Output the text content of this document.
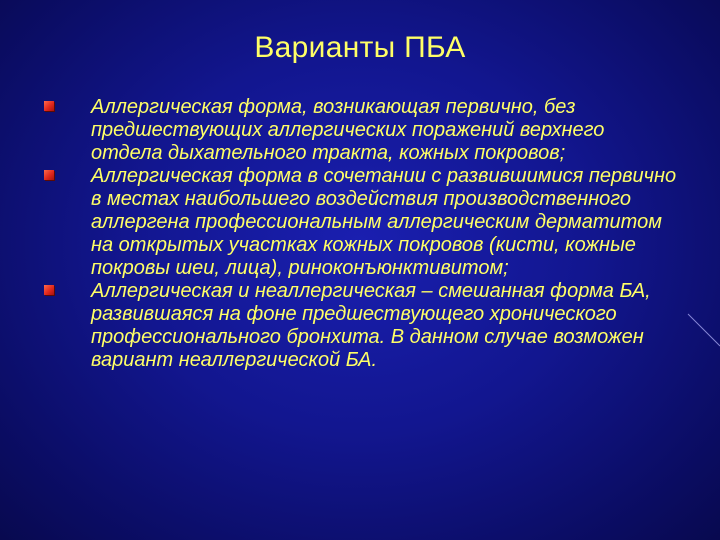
Варианты ПБА
Аллергическая форма, возникающая первично, без предшествующих аллергических поражений верхнего отдела дыхательного тракта, кожных покровов;
Аллергическая форма в сочетании с развившимися первично в местах наибольшего воздействия производственного аллергена профессиональным аллергическим дерматитом на открытых участках кожных покровов (кисти, кожные покровы шеи, лица), риноконъюнктивитом;
Аллергическая и неаллергическая – смешанная форма БА, развившаяся на фоне предшествующего хронического профессионального бронхита. В данном случае возможен вариант неаллергической БА.
